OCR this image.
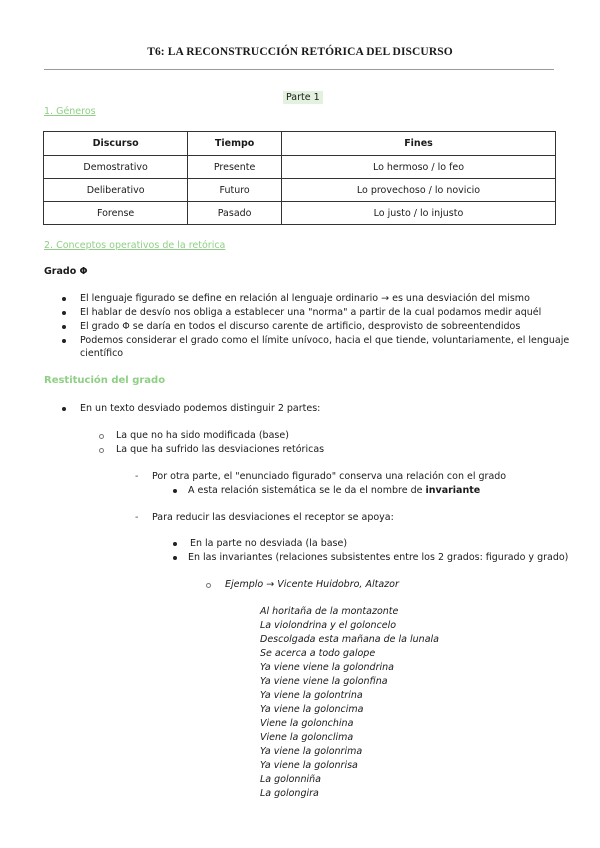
T6: LA RECONSTRUCCIÓN RETÓRICA DEL DISCURSO
Parte 1
1. Géneros
Discurso	Tiempo	Fines
Demostrativo	Presente	Lo hermoso / lo feo
Deliberativo	Futuro	Lo provechoso / lo novicio
Forense	Pasado	Lo justo / lo injusto
2. Conceptos operativos de la retórica
Grado Φ
El lenguaje figurado se define en relación al lenguaje ordinario → es una desviación del mismo
El hablar de desvío nos obliga a establecer una "norma" a partir de la cual podamos medir aquél
El grado Φ se daría en todos el discurso carente de artificio, desprovisto de sobreentendidos
Podemos considerar el grado como el límite unívoco, hacia el que tiende, voluntariamente, el lenguaje
científico
Restitución del grado
En un texto desviado podemos distinguir 2 partes:
La que no ha sido modificada (base)
La que ha sufrido las desviaciones retóricas
- Por otra parte, el "enunciado figurado" conserva una relación con el grado
A esta relación sistemática se le da el nombre de invariante
- Para reducir las desviaciones el receptor se apoya:
En la parte no desviada (la base)
En las invariantes (relaciones subsistentes entre los 2 grados: figurado y grado)
Ejemplo → Vicente Huidobro, Altazor
Al horitaña de la montazonte
La violondrina y el goloncelo
Descolgada esta mañana de la lunala
Se acerca a todo galope
Ya viene viene la golondrina
Ya viene viene la golonfina
Ya viene la golontrina
Ya viene la goloncima
Viene la golonchina
Viene la golonclima
Ya viene la golonrima
Ya viene la golonrisa
La golonniña
La golongira
